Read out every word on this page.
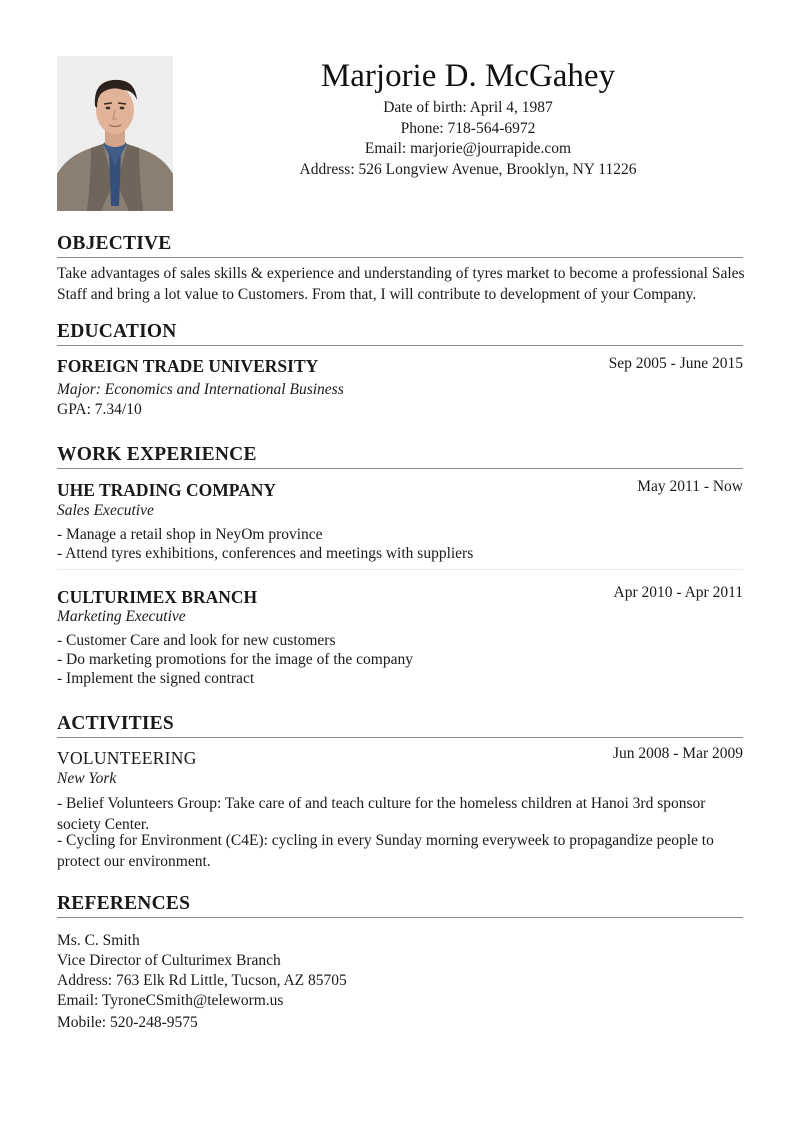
Marjorie D. McGahey
Date of birth: April 4, 1987
Phone: 718-564-6972
Email: marjorie@jourrapide.com
Address: 526 Longview Avenue, Brooklyn, NY 11226
OBJECTIVE
Take advantages of sales skills & experience and understanding of tyres market to become a professional Sales Staff and bring a lot value to Customers. From that, I will contribute to development of your Company.
EDUCATION
FOREIGN TRADE UNIVERSITY	Sep 2005 - June 2015
Major: Economics and International Business
GPA: 7.34/10
WORK EXPERIENCE
UHE TRADING COMPANY	May 2011 - Now
Sales Executive
- Manage a retail shop in NeyOm province
- Attend tyres exhibitions, conferences and meetings with suppliers
CULTURIMEX BRANCH	Apr 2010 - Apr 2011
Marketing Executive
- Customer Care and look for new customers
- Do marketing promotions for the image of the company
- Implement the signed contract
ACTIVITIES
VOLUNTEERING	Jun 2008 - Mar 2009
New York
- Belief Volunteers Group: Take care of and teach culture for the homeless children at Hanoi 3rd sponsor society Center.
- Cycling for Environment (C4E): cycling in every Sunday morning everyweek to propagandize people to protect our environment.
REFERENCES
Ms. C. Smith
Vice Director of Culturimex Branch
Address: 763 Elk Rd Little, Tucson, AZ 85705
Email: TyroneCSmith@teleworm.us
Mobile: 520-248-9575
